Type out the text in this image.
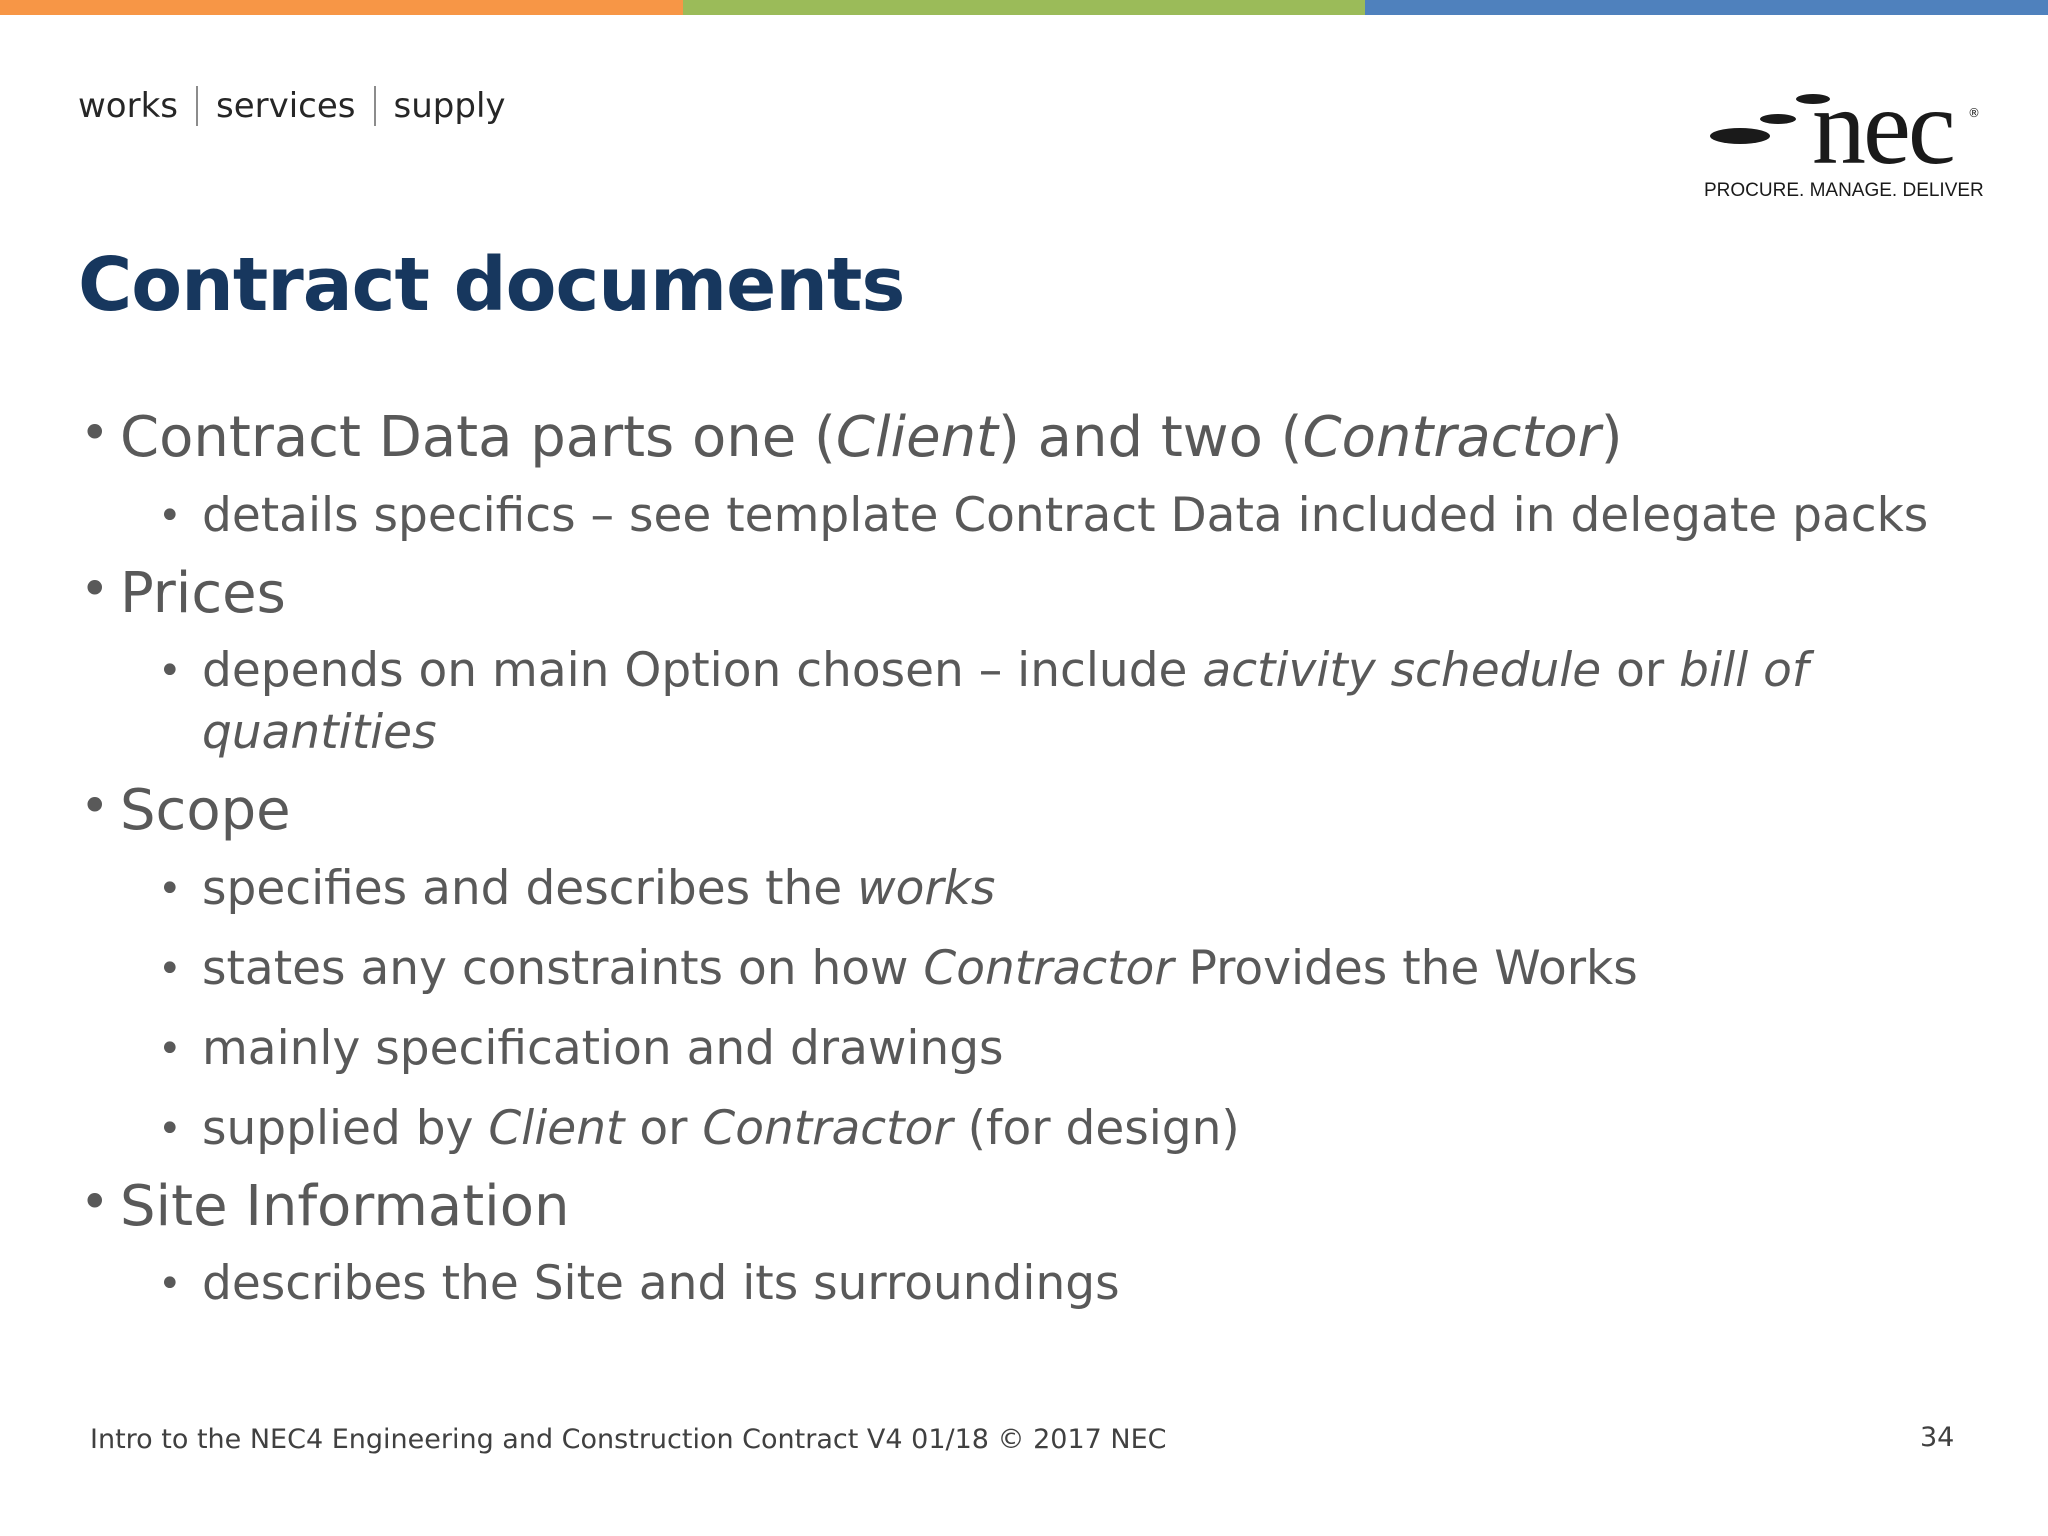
works services supply	nec ®
PROCURE. MANAGE. DELIVER
Contract documents
• Contract Data parts one (Client) and two (Contractor)
• details specifics – see template Contract Data included in delegate packs
• Prices
• depends on main Option chosen – include activity schedule or bill of quantities
• Scope
• specifies and describes the works
• states any constraints on how Contractor Provides the Works
• mainly specification and drawings
• supplied by Client or Contractor (for design)
• Site Information
• describes the Site and its surroundings
Intro to the NEC4 Engineering and Construction Contract V4 01/18 © 2017 NEC	34
